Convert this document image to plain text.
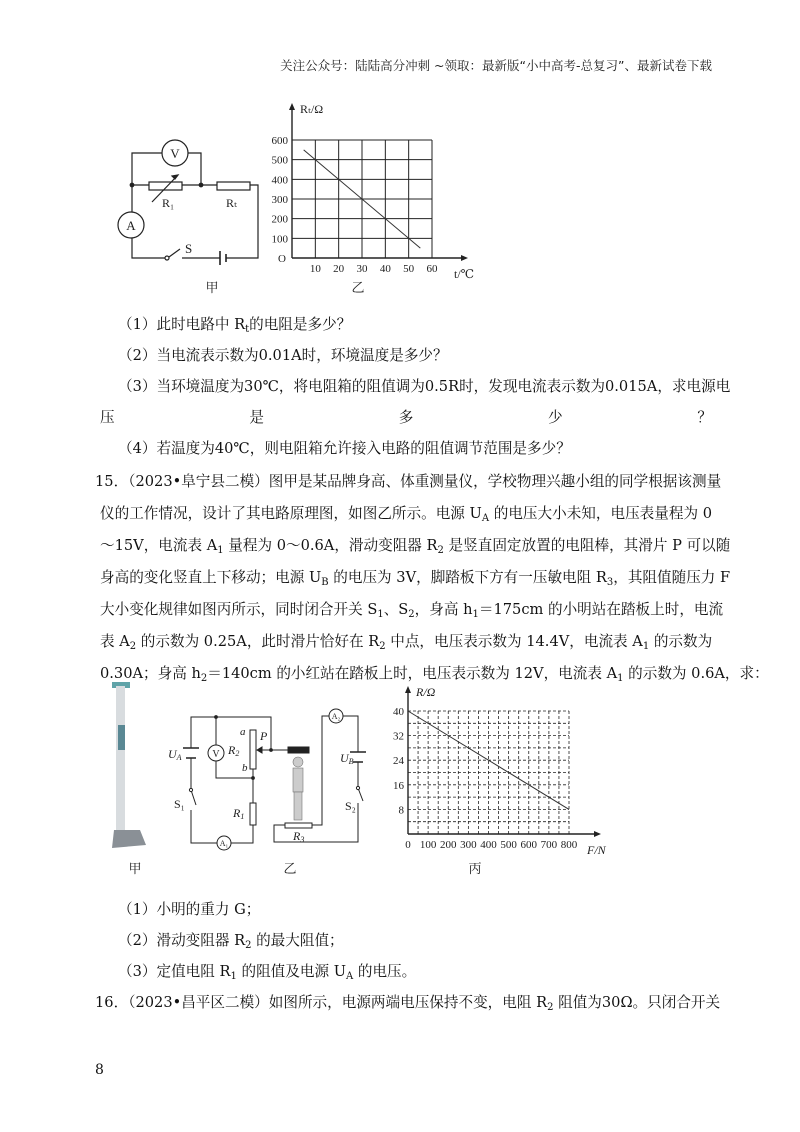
关注公众号：陆陆高分冲刺 ~领取：最新版“小中高考-总复习”、最新试卷下载
V
A
R₁	Rₜ
S
甲
10 20 30 40 50 60
100
200
300
400
500
600
O
Rₜ/Ω
t/℃
乙
（1）此时电路中 $R_t$的电阻是多少？
（2）当电流表示数为0.01A时，环境温度是多少？
（3）当环境温度为30℃，将电阻箱的阻值调为0.5R时，发现电流表示数为0.015A，求电源电
压是多少？
（4）若温度为40℃，则电阻箱允许接入电路的阻值调节范围是多少？
15．（2023•阜宁县二模）图甲是某品牌身高、体重测量仪，学校物理兴趣小组的同学根据该测量
仪的工作情况，设计了其电路原理图，如图乙所示。电源 $U_A$ 的电压大小未知，电压表量程为 0
～15V，电流表 $A_1$ 量程为 0～0.6A，滑动变阻器 $R_2$ 是竖直固定放置的电阻棒，其滑片 P 可以随
身高的变化竖直上下移动；电源 $U_B$ 的电压为 3V，脚踏板下方有一压敏电阻 $R_3$，其阻值随压力 F
大小变化规律如图丙所示，同时闭合开关 $S_1$、$S_2$，身高 $h_1=175cm$ 的小明站在踏板上时，电流
表 $A_2$ 的示数为 0.25A，此时滑片恰好在 $R_2$ 中点，电压表示数为 14.4V，电流表 $A_1$ 的示数为
0.30A；身高 $h_2=140cm$ 的小红站在踏板上时，电压表示数为 12V，电流表 $A_1$ 的示数为 0.6A，求：
甲
UA	V
a
b
P
R2
R1
R3
A₁
A₂
UB
S₁	S₂
乙
0 100 200 300 400 500 600 700 800
8
16
24
32
40
R/Ω
F/N
丙
（1）小明的重力 G；
（2）滑动变阻器 $R_2$ 的最大阻值；
（3）定值电阻 $R_1$ 的阻值及电源 $U_A$ 的电压。
16．（2023•昌平区二模）如图所示，电源两端电压保持不变，电阻 $R_2$ 阻值为30Ω。只闭合开关
8
